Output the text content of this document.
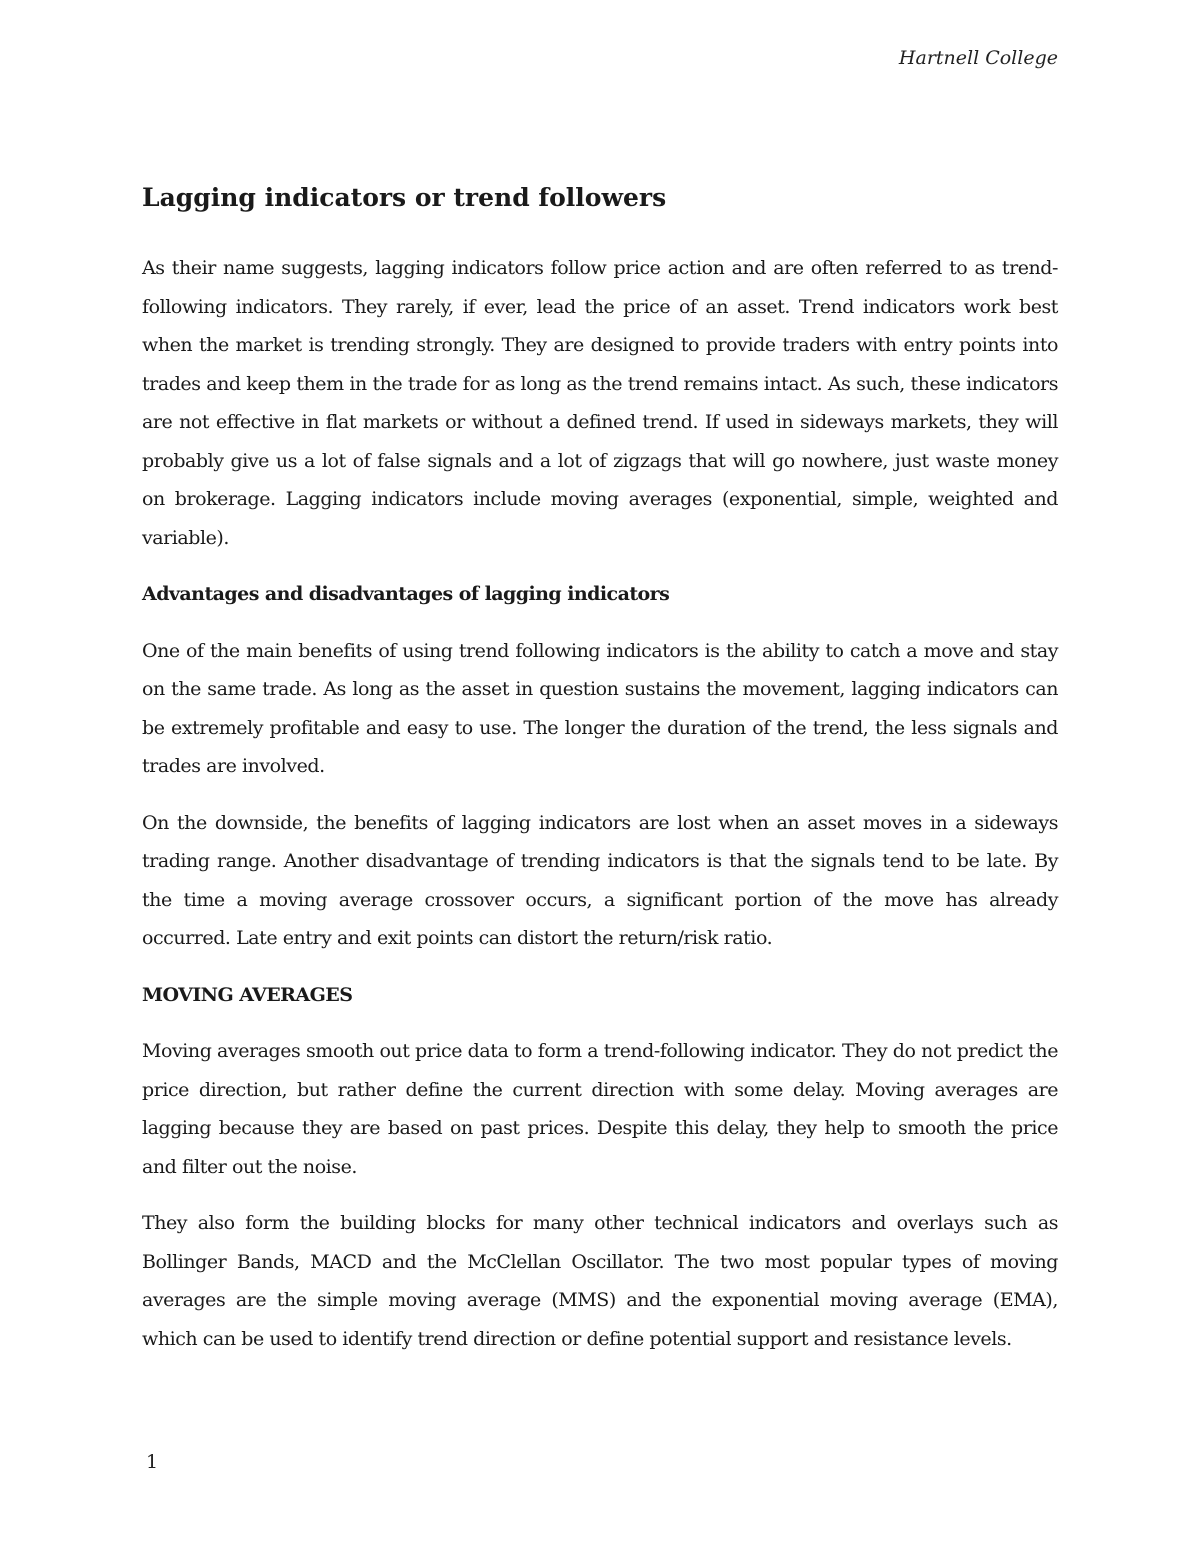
Hartnell College
Lagging indicators or trend followers

As their name suggests, lagging indicators follow price action and are often referred to as trend-following indicators. They rarely, if ever, lead the price of an asset. Trend indicators work best when the market is trending strongly. They are designed to provide traders with entry points into trades and keep them in the trade for as long as the trend remains intact. As such, these indicators are not effective in flat markets or without a defined trend. If used in sideways markets, they will probably give us a lot of false signals and a lot of zigzags that will go nowhere, just waste money on brokerage. Lagging indicators include moving averages (exponential, simple, weighted and variable).

Advantages and disadvantages of lagging indicators

One of the main benefits of using trend following indicators is the ability to catch a move and stay on the same trade. As long as the asset in question sustains the movement, lagging indicators can be extremely profitable and easy to use. The longer the duration of the trend, the less signals and trades are involved.

On the downside, the benefits of lagging indicators are lost when an asset moves in a sideways trading range. Another disadvantage of trending indicators is that the signals tend to be late. By the time a moving average crossover occurs, a significant portion of the move has already occurred. Late entry and exit points can distort the return/risk ratio.

MOVING AVERAGES

Moving averages smooth out price data to form a trend-following indicator. They do not predict the price direction, but rather define the current direction with some delay. Moving averages are lagging because they are based on past prices. Despite this delay, they help to smooth the price and filter out the noise.

They also form the building blocks for many other technical indicators and overlays such as Bollinger Bands, MACD and the McClellan Oscillator. The two most popular types of moving averages are the simple moving average (MMS) and the exponential moving average (EMA), which can be used to identify trend direction or define potential support and resistance levels.

1
